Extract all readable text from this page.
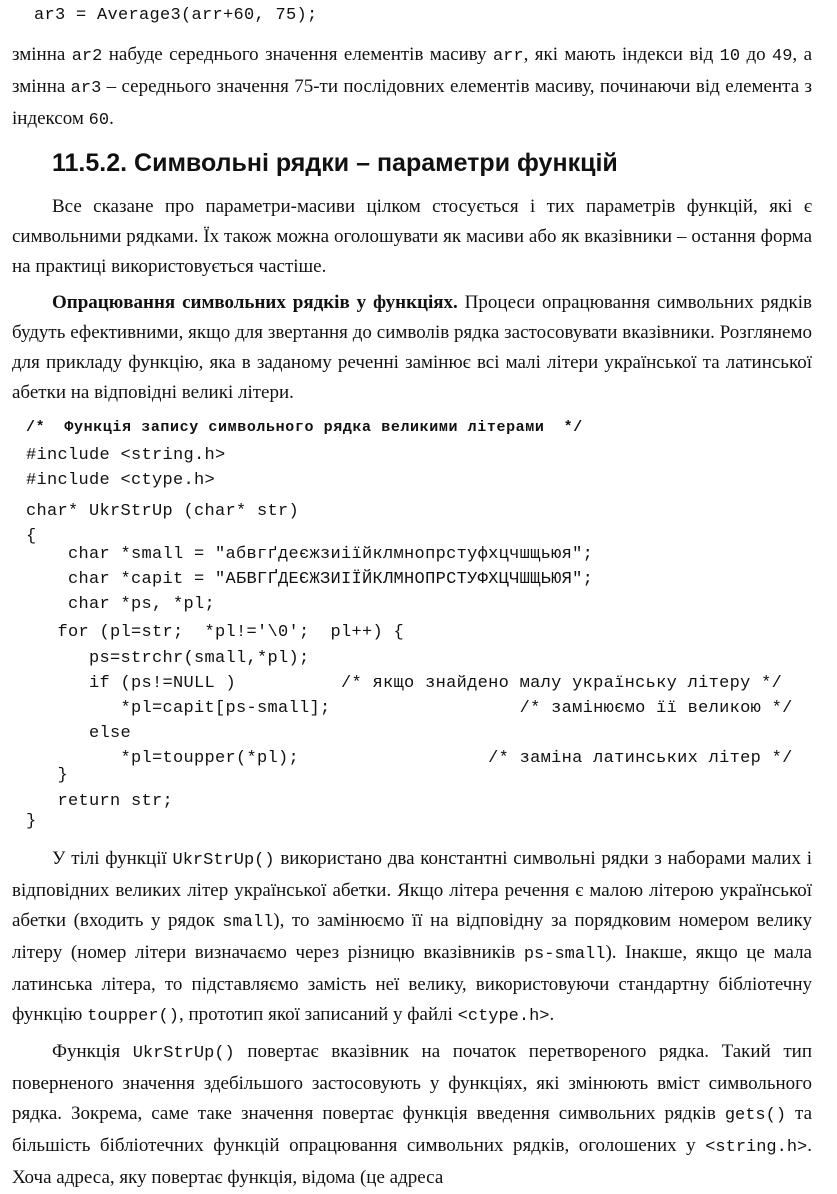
ar3 = Average3(arr+60, 75);
змінна ar2 набуде середнього значення елементів масиву arr, які мають індекси від 10 до 49, а змінна ar3 – середнього значення 75-ти послідовних елементів масиву, починаючи від елемента з індексом 60.
11.5.2. Символьні рядки – параметри функцій
Все сказане про параметри-масиви цілком стосується і тих параметрів функцій, які є символьними рядками. Їх також можна оголошувати як масиви або як вказівники – остання форма на практиці використовується частіше.
Опрацювання символьних рядків у функціях. Процеси опрацювання символьних рядків будуть ефективними, якщо для звертання до символів рядка застосовувати вказівники. Розглянемо для прикладу функцію, яка в заданому реченні замінює всі малі літери української та латинської абетки на відповідні великі літери.
/*  Функція запису символьного рядка великими літерами  */
#include <string.h>
#include <ctype.h>
char* UkrStrUp (char* str)
{
char *small = "абвгґдеєжзиіїйклмнопрстуфхцчшщьюя";
char *capit = "АБВГҐДЕЄЖЗИІЇЙКЛМНОПРСТУФХЦЧШЩЬЮЯ";
char *ps, *pl;
for (pl=str;  *pl!='\0';  pl++) {
ps=strchr(small,*pl);
if (ps!=NULL )          /* якщо знайдено малу українську літеру */
*pl=capit[ps-small];                  /* замінюємо її великою */
else
*pl=toupper(*pl);                  /* заміна латинських літер */
}
return str;
}
У тілі функції UkrStrUp() використано два константні символьні рядки з наборами малих і відповідних великих літер української абетки. Якщо літера речення є малою літерою української абетки (входить у рядок small), то замінюємо її на відповідну за порядковим номером велику літеру (номер літери визначаємо через різницю вказівників ps-small). Інакше, якщо це мала латинська літера, то підставляємо замість неї велику, використовуючи стандартну бібліотечну функцію toupper(), прототип якої записаний у файлі <ctype.h>.
Функція UkrStrUp() повертає вказівник на початок перетвореного рядка. Такий тип поверненого значення здебільшого застосовують у функціях, які змінюють вміст символьного рядка. Зокрема, саме таке значення повертає функція введення символьних рядків gets() та більшість бібліотечних функцій опрацювання символьних рядків, оголошених у <string.h>. Хоча адреса, яку повертає функція, відома (це адреса
